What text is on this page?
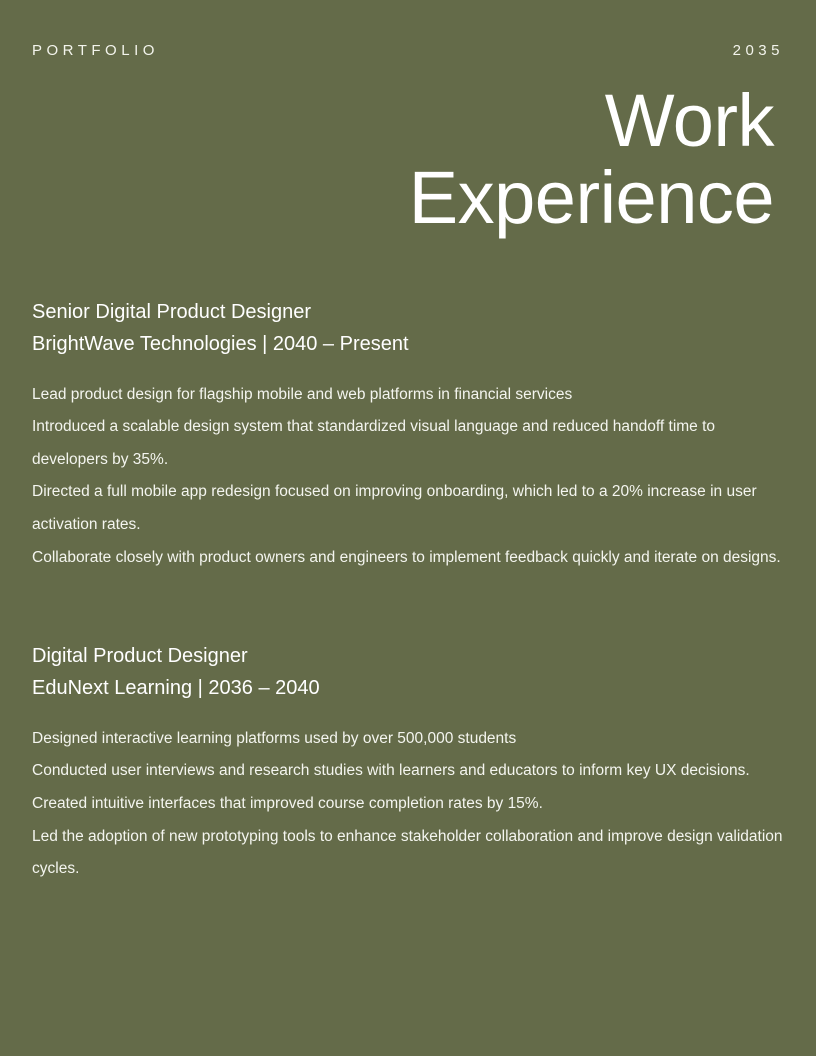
PORTFOLIO	2035
Work
Experience
Senior Digital Product Designer
BrightWave Technologies | 2040 – Present
Lead product design for flagship mobile and web platforms in financial services
Introduced a scalable design system that standardized visual language and reduced handoff time to developers by 35%.
Directed a full mobile app redesign focused on improving onboarding, which led to a 20% increase in user activation rates.
Collaborate closely with product owners and engineers to implement feedback quickly and iterate on designs.
Digital Product Designer
EduNext Learning | 2036 – 2040
Designed interactive learning platforms used by over 500,000 students
Conducted user interviews and research studies with learners and educators to inform key UX decisions.
Created intuitive interfaces that improved course completion rates by 15%.
Led the adoption of new prototyping tools to enhance stakeholder collaboration and improve design validation cycles.
